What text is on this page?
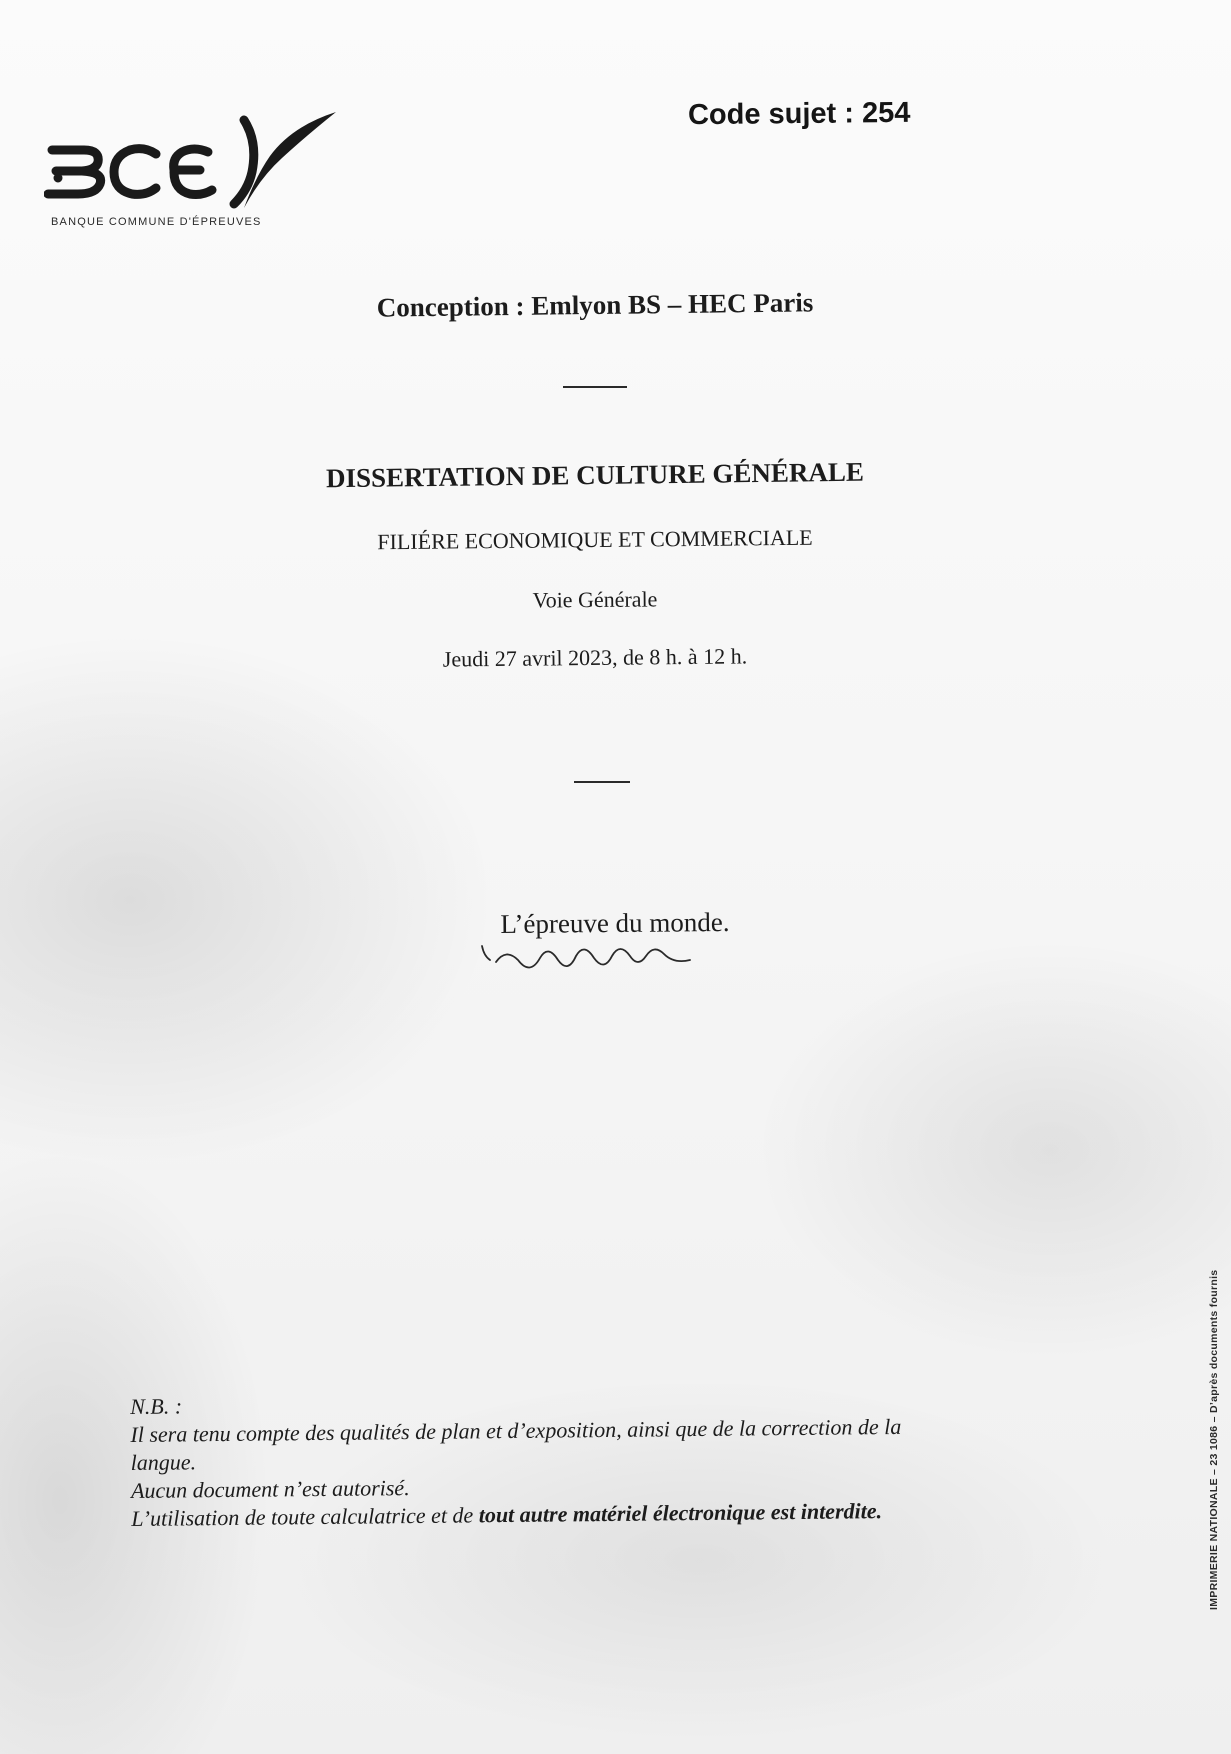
BANQUE COMMUNE D'ÉPREUVES
Code sujet : 254
Conception : Emlyon BS – HEC Paris
DISSERTATION DE CULTURE GÉNÉRALE
FILIÉRE ECONOMIQUE ET COMMERCIALE
Voie Générale
Jeudi 27 avril 2023, de 8 h. à 12 h.
L’épreuve du monde.
N.B. :
Il sera tenu compte des qualités de plan et d’exposition, ainsi que de la correction de la
langue.
Aucun document n’est autorisé.
L’utilisation de toute calculatrice et de tout autre matériel électronique est interdite.	IMPRIMERIE NATIONALE – 23 1086 – D’après documents fournis
